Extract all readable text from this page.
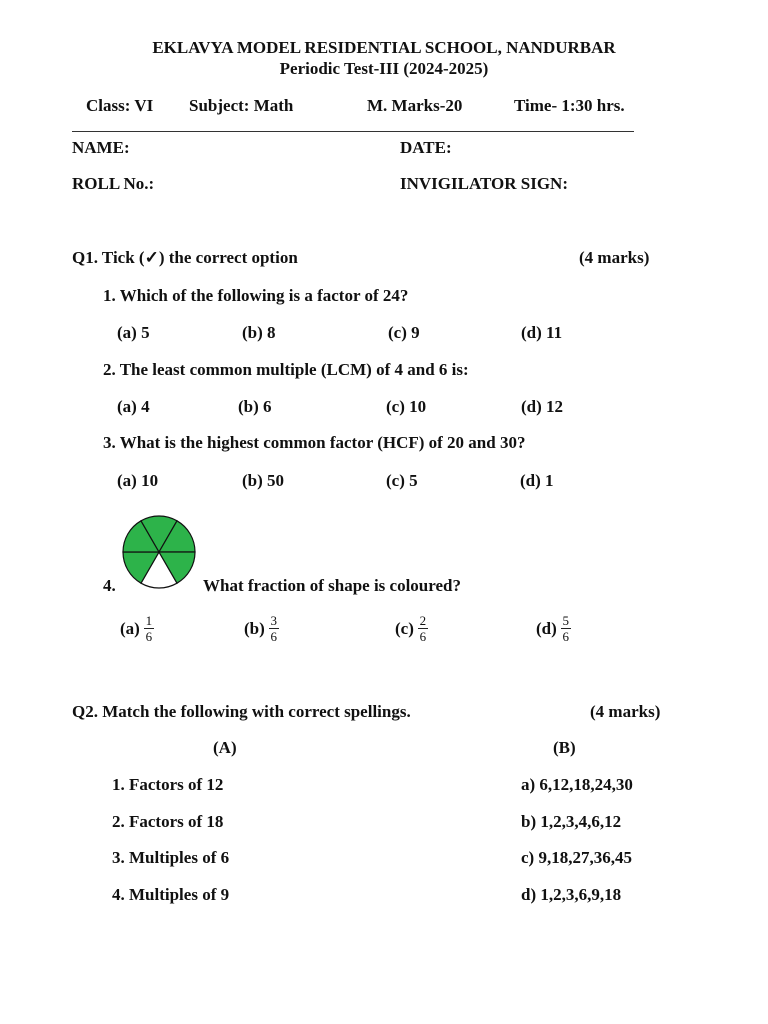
EKLAVYA MODEL RESIDENTIAL SCHOOL, NANDURBAR
Periodic Test-III (2024-2025)
Class: VI Subject: Math	M. Marks-20	Time- 1:30 hrs.
NAME:	DATE:
ROLL No.:	INVIGILATOR SIGN:
Q1. Tick (✓) the correct option	(4 marks)
1. Which of the following is a factor of 24?
(a) 5	(b) 8	(c) 9	(d) 11
2. The least common multiple (LCM) of 4 and 6 is:
(a) 4	(b) 6	(c) 10	(d) 12
3. What is the highest common factor (HCF) of 20 and 30?
(a) 10	(b) 50	(c) 5	(d) 1
4.	What fraction of shape is coloured?
$(a) \frac{1}{6}$	$(b) \frac{3}{6}$	$(c) \frac{2}{6}$	$(d) \frac{5}{6}$
Q2. Match the following with correct spellings.	(4 marks)
(A)	(B)
1. Factors of 12	a) 6,12,18,24,30
2. Factors of 18	b) 1,2,3,4,6,12
3. Multiples of 6	c) 9,18,27,36,45
4. Multiples of 9	d) 1,2,3,6,9,18
